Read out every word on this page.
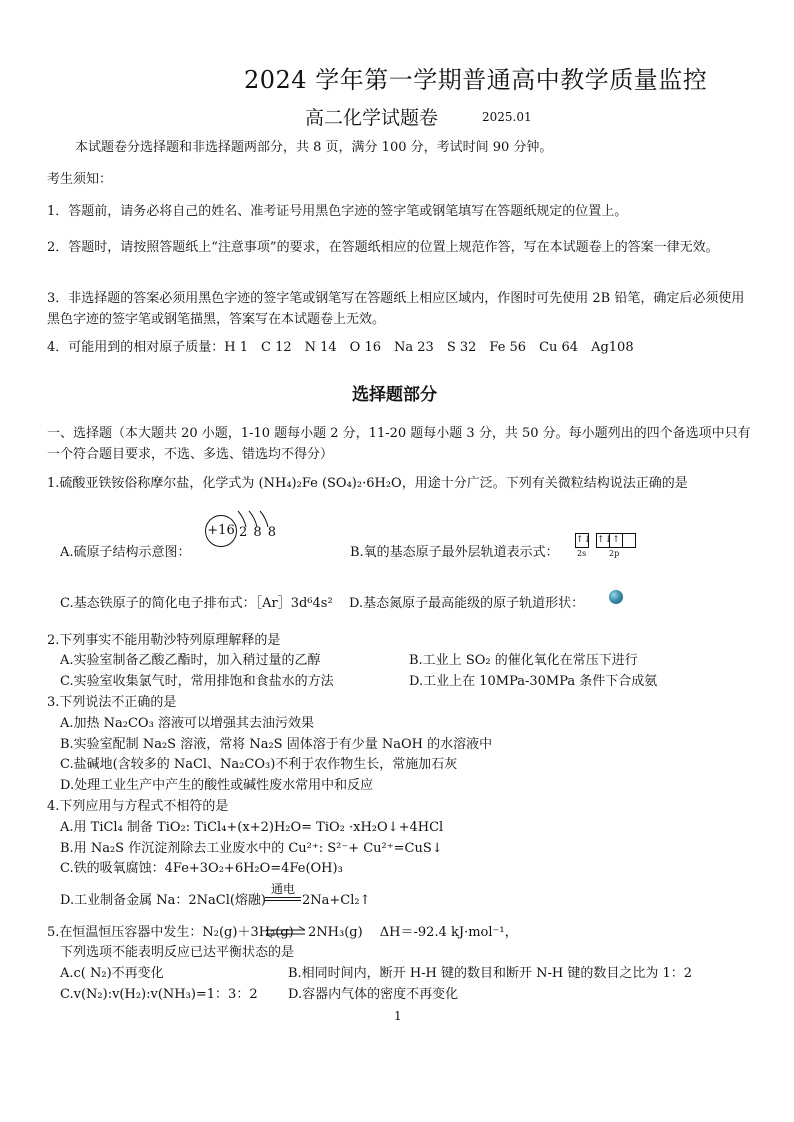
2024 学年第一学期普通高中教学质量监控
高二化学试题卷	2025.01
本试题卷分选择题和非选择题两部分，共 8 页，满分 100 分，考试时间 90 分钟。
考生须知：
1．答题前，请务必将自己的姓名、准考证号用黑色字迹的签字笔或钢笔填写在答题纸规定的位置上。
2．答题时，请按照答题纸上“注意事项”的要求，在答题纸相应的位置上规范作答，写在本试题卷上的答案一律无效。
3．非选择题的答案必须用黑色字迹的签字笔或钢笔写在答题纸上相应区域内，作图时可先使用 2B 铅笔，确定后必须使用黑色字迹的签字笔或钢笔描黑，答案写在本试题卷上无效。
4．可能用到的相对原子质量：H 1　C 12　N 14　O 16　Na 23　S 32　Fe 56　Cu 64　Ag108
选择题部分
一、选择题（本大题共 20 小题，1-10 题每小题 2 分，11-20 题每小题 3 分，共 50 分。每小题列出的四个备选项中只有一个符合题目要求，不选、多选、错选均不得分）
1.硫酸亚铁铵俗称摩尔盐，化学式为 (NH₄)₂Fe (SO₄)₂·6H₂O，用途十分广泛。下列有关微粒结构说法正确的是
A.硫原子结构示意图：
+16 2 8 8
B.氧的基态原子最外层轨道表示式：
↑↓ ↑↓ ↑
2s	2p
C.基态铁原子的简化电子排布式：［Ar］3d⁶4s² D.基态氮原子最高能级的原子轨道形状：
2.下列事实不能用勒沙特列原理解释的是
A.实验室制备乙酸乙酯时，加入稍过量的乙醇	B.工业上 SO₂ 的催化氧化在常压下进行
C.实验室收集氯气时，常用排饱和食盐水的方法	D.工业上在 10MPa-30MPa 条件下合成氨
3.下列说法不正确的是
A.加热 Na₂CO₃ 溶液可以增强其去油污效果
B.实验室配制 Na₂S 溶液，常将 Na₂S 固体溶于有少量 NaOH 的水溶液中
C.盐碱地(含较多的 NaCl、Na₂CO₃)不利于农作物生长，常施加石灰
D.处理工业生产中产生的酸性或碱性废水常用中和反应
4.下列应用与方程式不相符的是
A.用 TiCl₄ 制备 TiO₂: TiCl₄+(x+2)H₂O= TiO₂ ·xH₂O↓+4HCl
B.用 Na₂S 作沉淀剂除去工业废水中的 Cu²⁺: S²⁻+ Cu²⁺=CuS↓
C.铁的吸氧腐蚀：4Fe+3O₂+6H₂O=4Fe(OH)₃
D.工业制备金属 Na：2NaCl(熔融)
通电
2Na+Cl₂↑
5.在恒温恒压容器中发生：N₂(g)＋3H₂(g) ⇌ 2NH₃(g)　 ΔH＝-92.4 kJ·mol⁻¹，
下列选项不能表明反应已达平衡状态的是
A.c( N₂)不再变化	B.相同时间内，断开 H-H 键的数目和断开 N-H 键的数目之比为 1：2
C.v(N₂):v(H₂):v(NH₃)=1：3：2 D.容器内气体的密度不再变化
1
